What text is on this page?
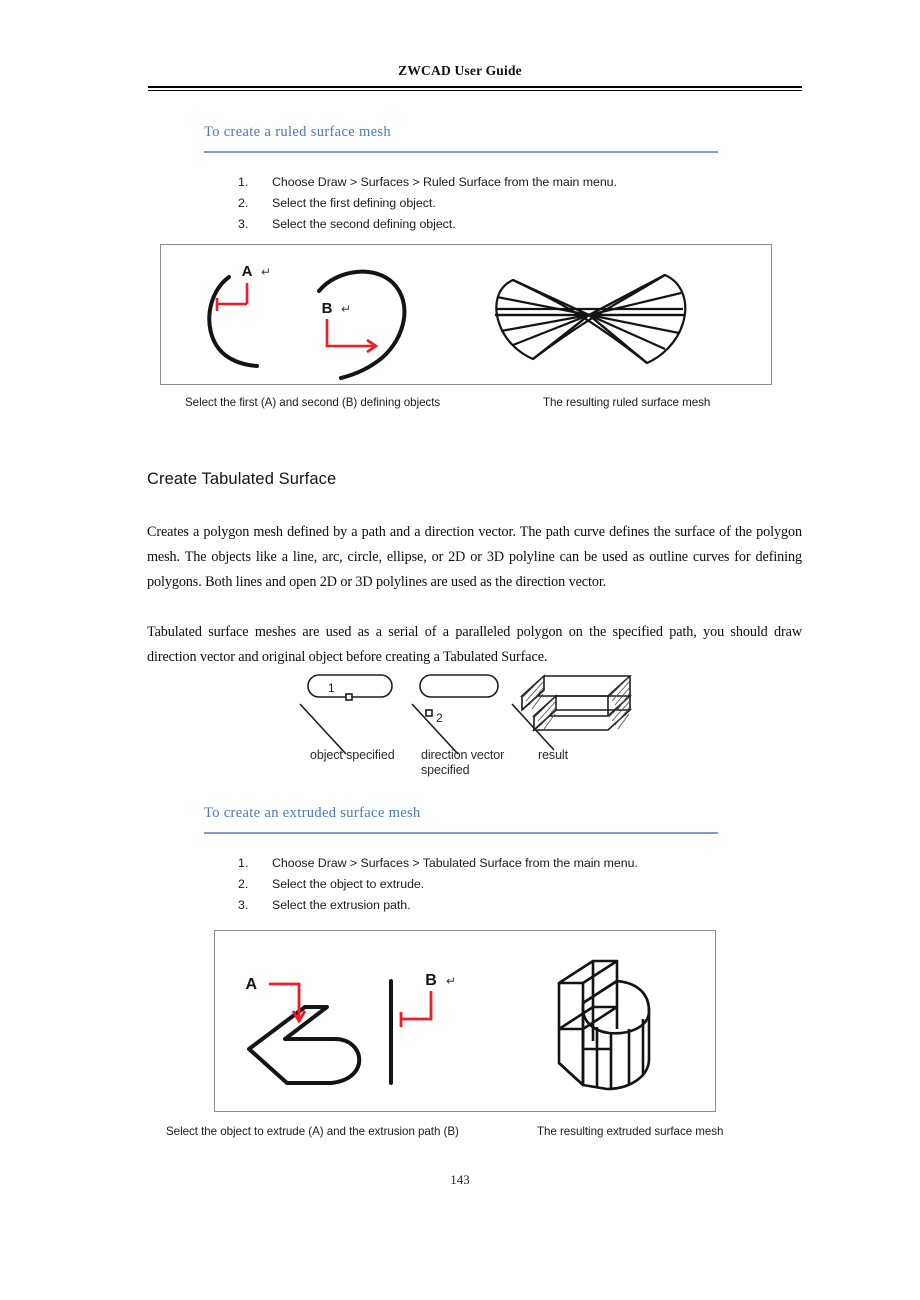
ZWCAD User Guide
To create a ruled surface mesh
1.	Choose Draw > Surfaces > Ruled Surface from the main menu.
2.	Select the first defining object.
3.	Select the second defining object.
A ↵
B ↵
Select the first (A) and second (B) defining objects	The resulting ruled surface mesh
Create Tabulated Surface
Creates a polygon mesh defined by a path and a direction vector. The path curve defines the surface of the polygon mesh. The objects like a line, arc, circle, ellipse, or 2D or 3D polyline can be used as outline curves for defining polygons. Both lines and open 2D or 3D polylines are used as the direction vector.
Tabulated surface meshes are used as a serial of a paralleled polygon on the specified path, you should draw direction vector and original object before creating a Tabulated Surface.
1
2
object specified direction vector
specified
result
To create an extruded surface mesh
1.	Choose Draw > Surfaces > Tabulated Surface from the main menu.
2.	Select the object to extrude.
3.	Select the extrusion path.
A	B ↵
Select the object to extrude (A) and the extrusion path (B)	The resulting extruded surface mesh
143
